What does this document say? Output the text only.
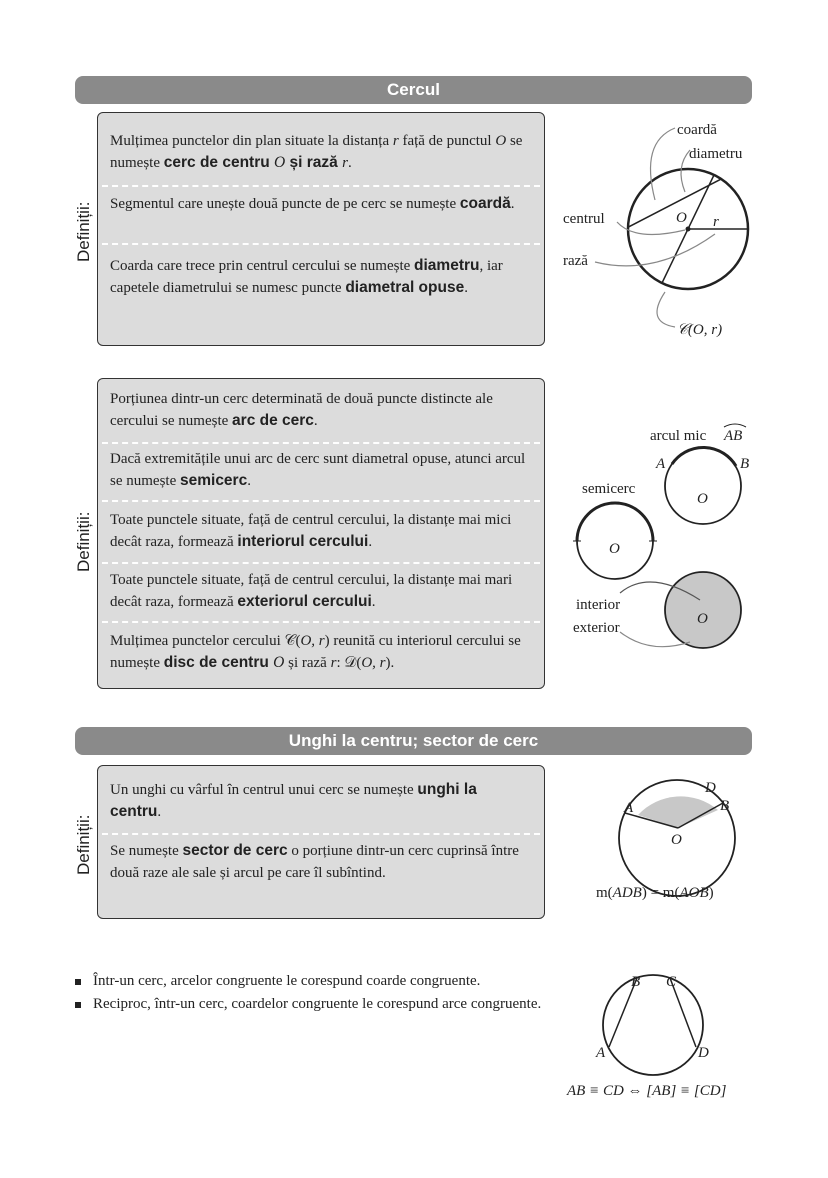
Cercul
Definiții:
Mulțimea punctelor din plan situate la distanța r față de punctul O se numește cerc de centru O și rază r.
Segmentul care unește două puncte de pe cerc se numește coardă.
Coarda care trece prin centrul cercului se numește diametru, iar capetele diametrului se numesc puncte diametral opuse.
coardă
diametru
centrul
rază
O r
𝒞(O, r)
Definiții:
Porțiunea dintr-un cerc determinată de două puncte distincte ale cercului se numește arc de cerc.
Dacă extremitățile unui arc de cerc sunt diametral opuse, atunci arcul se numește semicerc.
Toate punctele situate, față de centrul cercului, la distanțe mai mici decât raza, formează interiorul cercului.
Toate punctele situate, față de centrul cercului, la distanțe mai mari decât raza, formează exteriorul cercului.
Mulțimea punctelor cercului 𝒞(O, r) reunită cu interiorul cercului se numește disc de centru O și rază r: 𝒟(O, r).
arcul mic AB
A	B
O
semicerc
O
interior
exterior
O
Unghi la centru; sector de cerc
Definiții:
Un unghi cu vârful în centrul unui cerc se numește unghi la centru.
Se numește sector de cerc o porțiune dintr-un cerc cuprinsă între două raze ale sale și arcul pe care îl subîntind.
A
D
B
O
m(ADB) = m(AOB)
Într-un cerc, arcelor congruente le corespund coarde congruente.
Reciproc, într-un cerc, coardelor congruente le corespund arce congruente.
B C
A	D
AB ≡ CD ⇔ [AB] ≡ [CD]
